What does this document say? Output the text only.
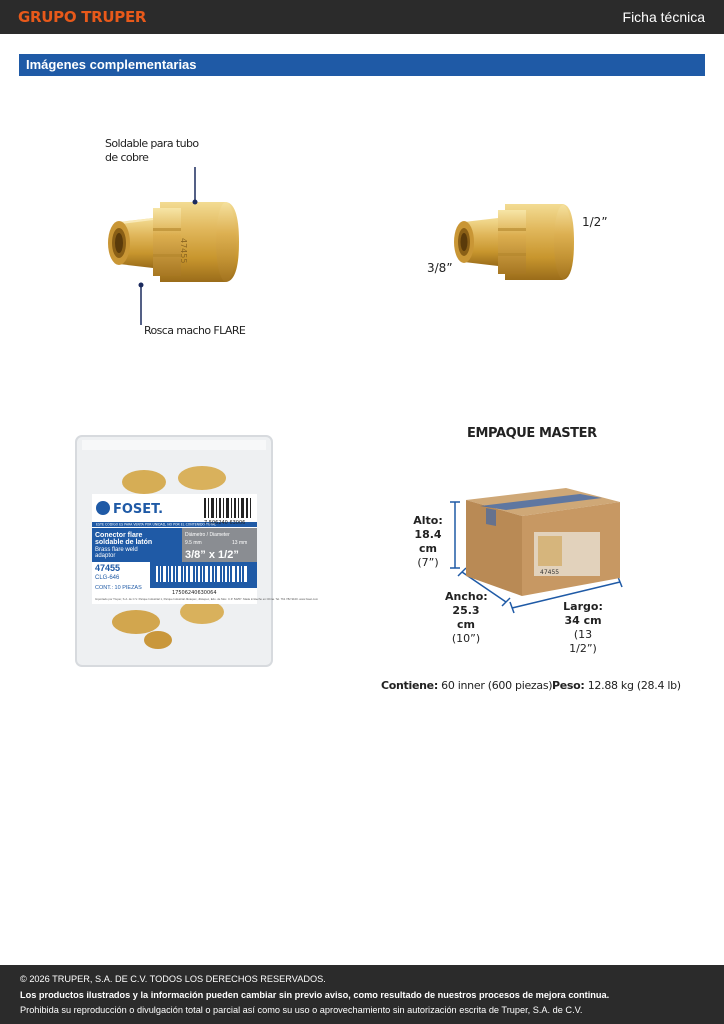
GRUPO TRUPER	Ficha técnica
Imágenes complementarias
47455
Soldable para tubo
de cobre
Rosca macho FLARE
1/2”
3/8”
FOSET.
ESTE CÓDIGO ES PARA VENTA POR UNIDAD, NO POR EL CONTENIDO TOTAL
7 506240 63006
Conector flare
soldable de latón
Brass flare weld
adaptor
Diámetro / Diameter
9.5 mm	13 mm
3/8” x 1/2”
47455
CLG-646
CONT.: 10 PIEZAS
17506240630064
Importado por Truper, S.A. de C.V. Parque Industrial 1, Parque Industrial Jilotepec, Jilotepec, Edo. de Méx. C.P. 54257. Made in/Hecho en China. Tel. 761 782 9100. www.foset.com
EMPAQUE MASTER
47455
Alto:
18.4 cm
(7”)
Ancho:
25.3 cm
(10”)
Largo:
34 cm
(13 1/2”)
Contiene: 60 inner (600 piezas) Peso: 12.88 kg (28.4 lb)

© 2026 TRUPER, S.A. DE C.V. TODOS LOS DERECHOS RESERVADOS.

Los productos ilustrados y la información pueden cambiar sin previo aviso, como resultado de nuestros procesos de mejora continua.

Prohibida su reproducción o divulgación total o parcial así como su uso o aprovechamiento sin autorización escrita de Truper, S.A. de C.V.
